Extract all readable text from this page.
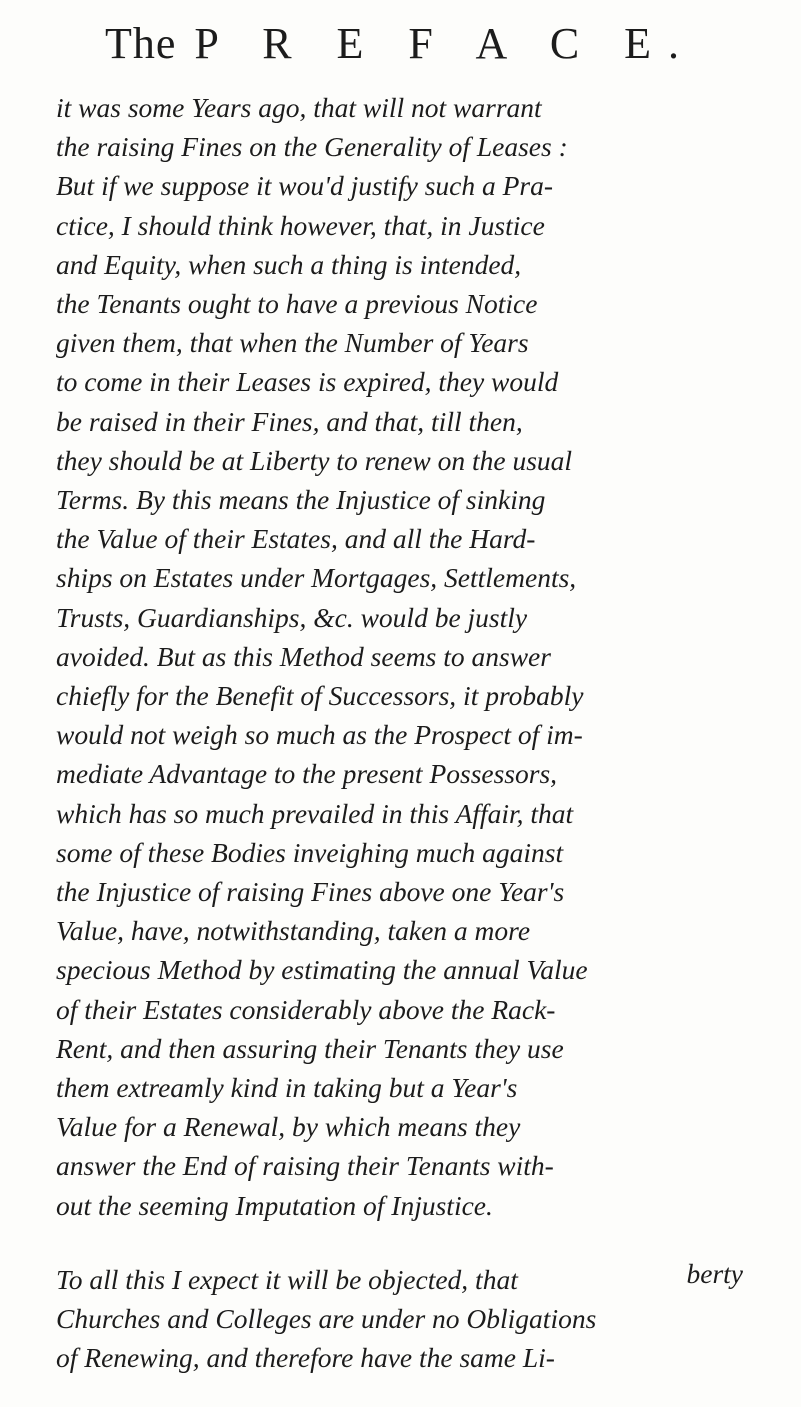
The P R E F A C E.

it was some Years ago, that will not warrant
the raising Fines on the Generality of Leases :
But if we suppose it wou'd justify such a Pra-
ctice, I should think however, that, in Justice
and Equity, when such a thing is intended,
the Tenants ought to have a previous Notice
given them, that when the Number of Years
to come in their Leases is expired, they would
be raised in their Fines, and that, till then,
they should be at Liberty to renew on the usual
Terms. By this means the Injustice of sinking
the Value of their Estates, and all the Hard-
ships on Estates under Mortgages, Settlements,
Trusts, Guardianships, &c. would be justly
avoided. But as this Method seems to answer
chiefly for the Benefit of Successors, it probably
would not weigh so much as the Prospect of im-
mediate Advantage to the present Possessors,
which has so much prevailed in this Affair, that
some of these Bodies inveighing much against
the Injustice of raising Fines above one Year's
Value, have, notwithstanding, taken a more
specious Method by estimating the annual Value
of their Estates considerably above the Rack-
Rent, and then assuring their Tenants they use
them extreamly kind in taking but a Year's
Value for a Renewal, by which means they
answer the End of raising their Tenants with-
out the seeming Imputation of Injustice.

To all this I expect it will be objected, that
Churches and Colleges are under no Obligations
of Renewing, and therefore have the same Li-

berty
